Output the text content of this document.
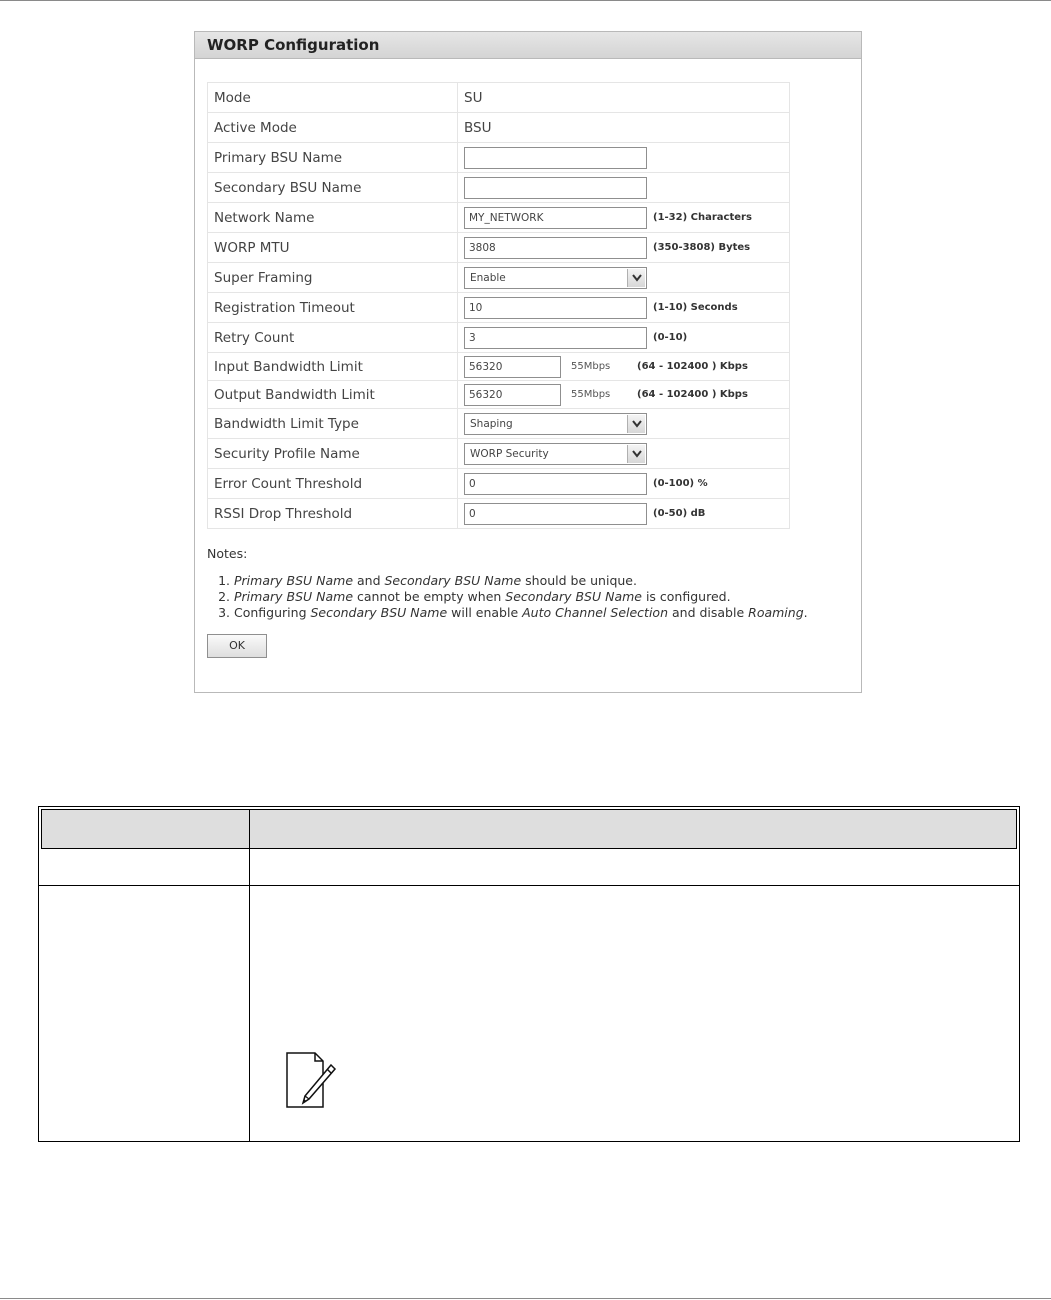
WORP Configuration
Mode	SU
Active Mode	BSU
Primary BSU Name	
Secondary BSU Name	
Network Name	MY_NETWORK (1-32) Characters
WORP MTU	3808 (350-3808) Bytes
Super Framing	Enable

Registration Timeout	10 (1-10) Seconds
Retry Count	3 (0-10)
Input Bandwidth Limit	56320 55Mbps (64 - 102400 ) Kbps
Output Bandwidth Limit	56320 55Mbps (64 - 102400 ) Kbps
Bandwidth Limit Type	Shaping

Security Profile Name	WORP Security

Error Count Threshold	0 (0-100) %
RSSI Drop Threshold	0 (0-50) dB
Notes:
1. Primary BSU Name and Secondary BSU Name should be unique.
2. Primary BSU Name cannot be empty when Secondary BSU Name is configured.
3. Configuring Secondary BSU Name will enable Auto Channel Selection and disable Roaming.
OK
